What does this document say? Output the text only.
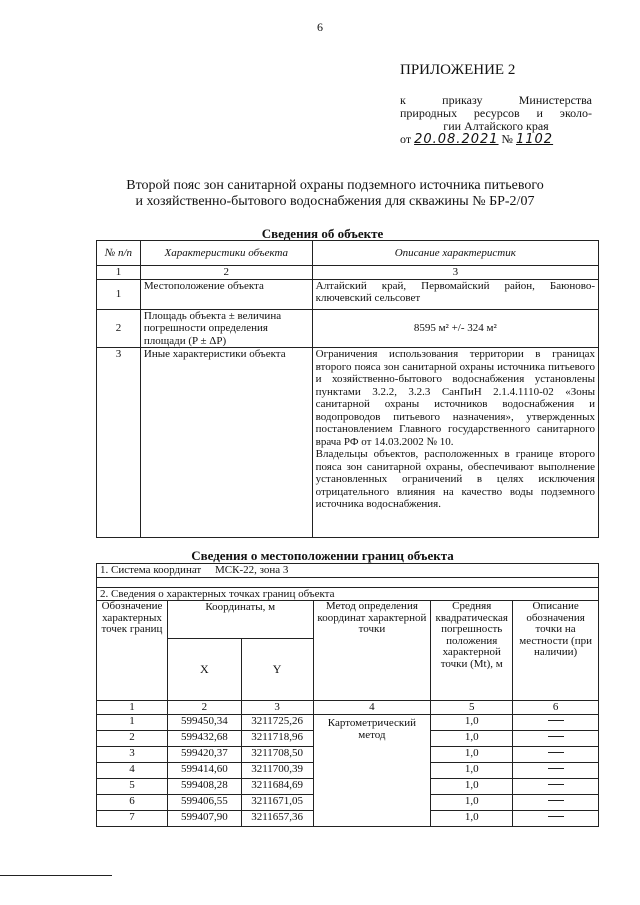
6
ПРИЛОЖЕНИЕ 2
к приказу Министерства
природных ресурсов и эколо-
гии Алтайского края
от 20.08.2021 № 1102
Второй пояс зон санитарной охраны подземного источника питьевого
и хозяйственно-бытового водоснабжения для скважины № БР-2/07
Сведения об объекте
№ п/п	Характеристики объекта	Описание характеристик
1	2	3
1	Местоположение объекта	Алтайский край, Первомайский район, Баюново-ключевский сельсовет
2	Площадь объекта ± величина погрешности определения площади (P ± ΔP)	8595 м² +/- 324 м²
3	Иные характеристики объекта	Ограничения использования территории в границах второго пояса зон санитарной охраны источника питьевого и хозяйственно-бытового водоснабжения установлены пунктами 3.2.2, 3.2.3 СанПиН 2.1.4.1110-02 «Зоны санитарной охраны источников водоснабжения и водопроводов питьевого назначения», утвержденных постановлением Главного государственного санитарного врача РФ от 14.03.2002 № 10.
Владельцы объектов, расположенных в границе второго пояса зон санитарной охраны, обеспечивают выполнение установленных ограничений в целях исключения отрицательного влияния на качество воды подземного источника водоснабжения.
Сведения о местоположении границ объекта
1. Система координат МСК-22, зона 3					

2. Сведения о характерных точках границ объекта					
Обозначение характерных точек границ	Координаты, м		Метод определения координат характерной точки	Средняя квадратическая погрешность положения характерной точки (Mt), м	Описание обозначения точки на местности (при наличии)
	X	Y			
1	2	3	4	5	6
1	599450,34	3211725,26	Картометрический метод	1,0	
2	599432,68	3211718,96		1,0	
3	599420,37	3211708,50		1,0	
4	599414,60	3211700,39		1,0	
5	599408,28	3211684,69		1,0	
6	599406,55	3211671,05		1,0	
7	599407,90	3211657,36		1,0	
